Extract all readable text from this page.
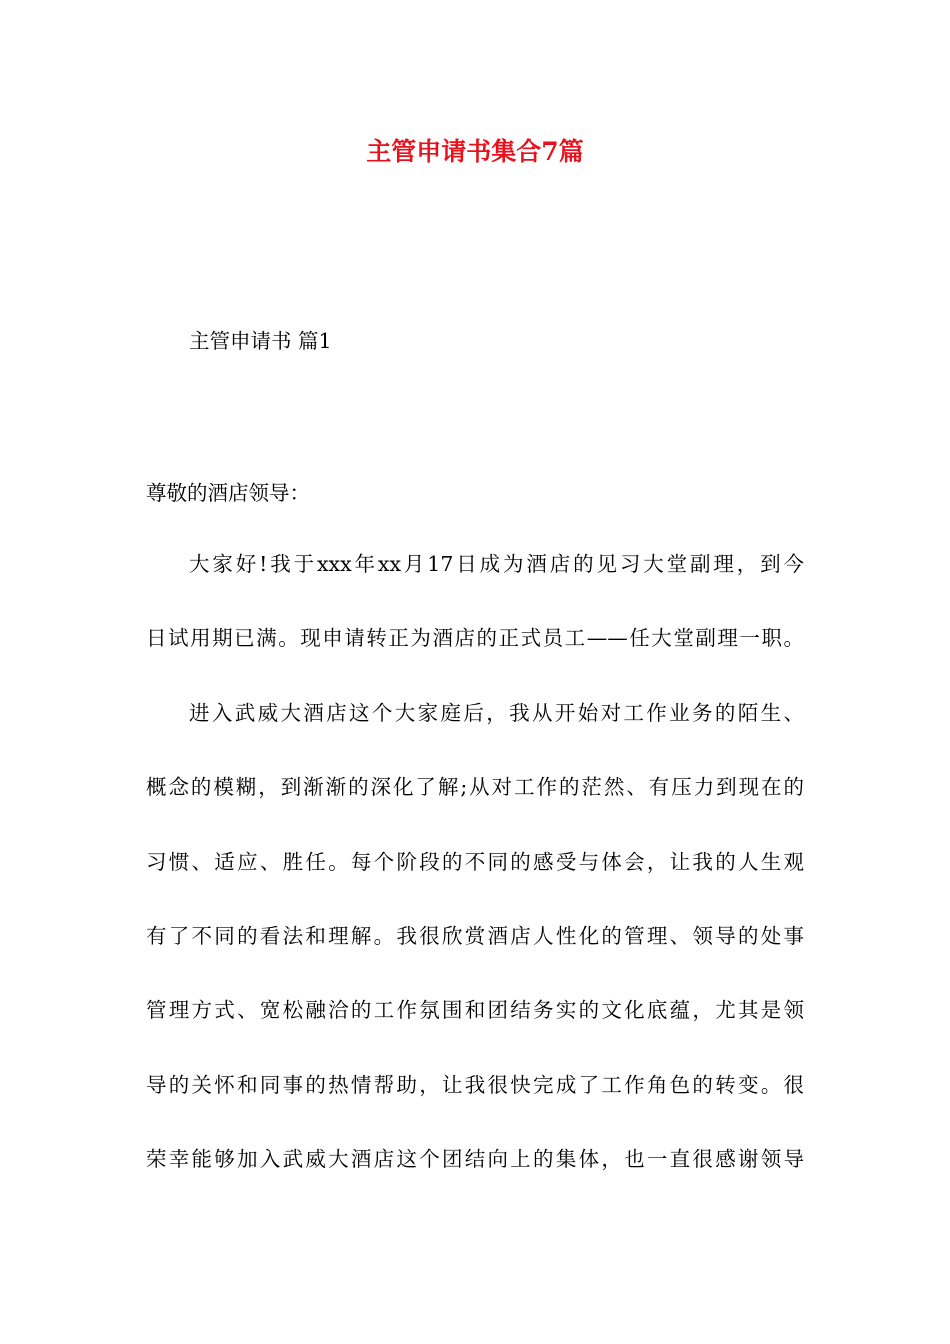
主管申请书集合7篇
主管申请书 篇1
尊敬的酒店领导：
大家好!我于xxx年xx月17日成为酒店的见习大堂副理，到今
日试用期已满。现申请转正为酒店的正式员工——任大堂副理一职。
进入武威大酒店这个大家庭后，我从开始对工作业务的陌生、
概念的模糊，到渐渐的深化了解;从对工作的茫然、有压力到现在的
习惯、适应、胜任。每个阶段的不同的感受与体会，让我的人生观
有了不同的看法和理解。我很欣赏酒店人性化的管理、领导的处事
管理方式、宽松融洽的工作氛围和团结务实的文化底蕴，尤其是领
导的关怀和同事的热情帮助，让我很快完成了工作角色的转变。很
荣幸能够加入武威大酒店这个团结向上的集体，也一直很感谢领导
